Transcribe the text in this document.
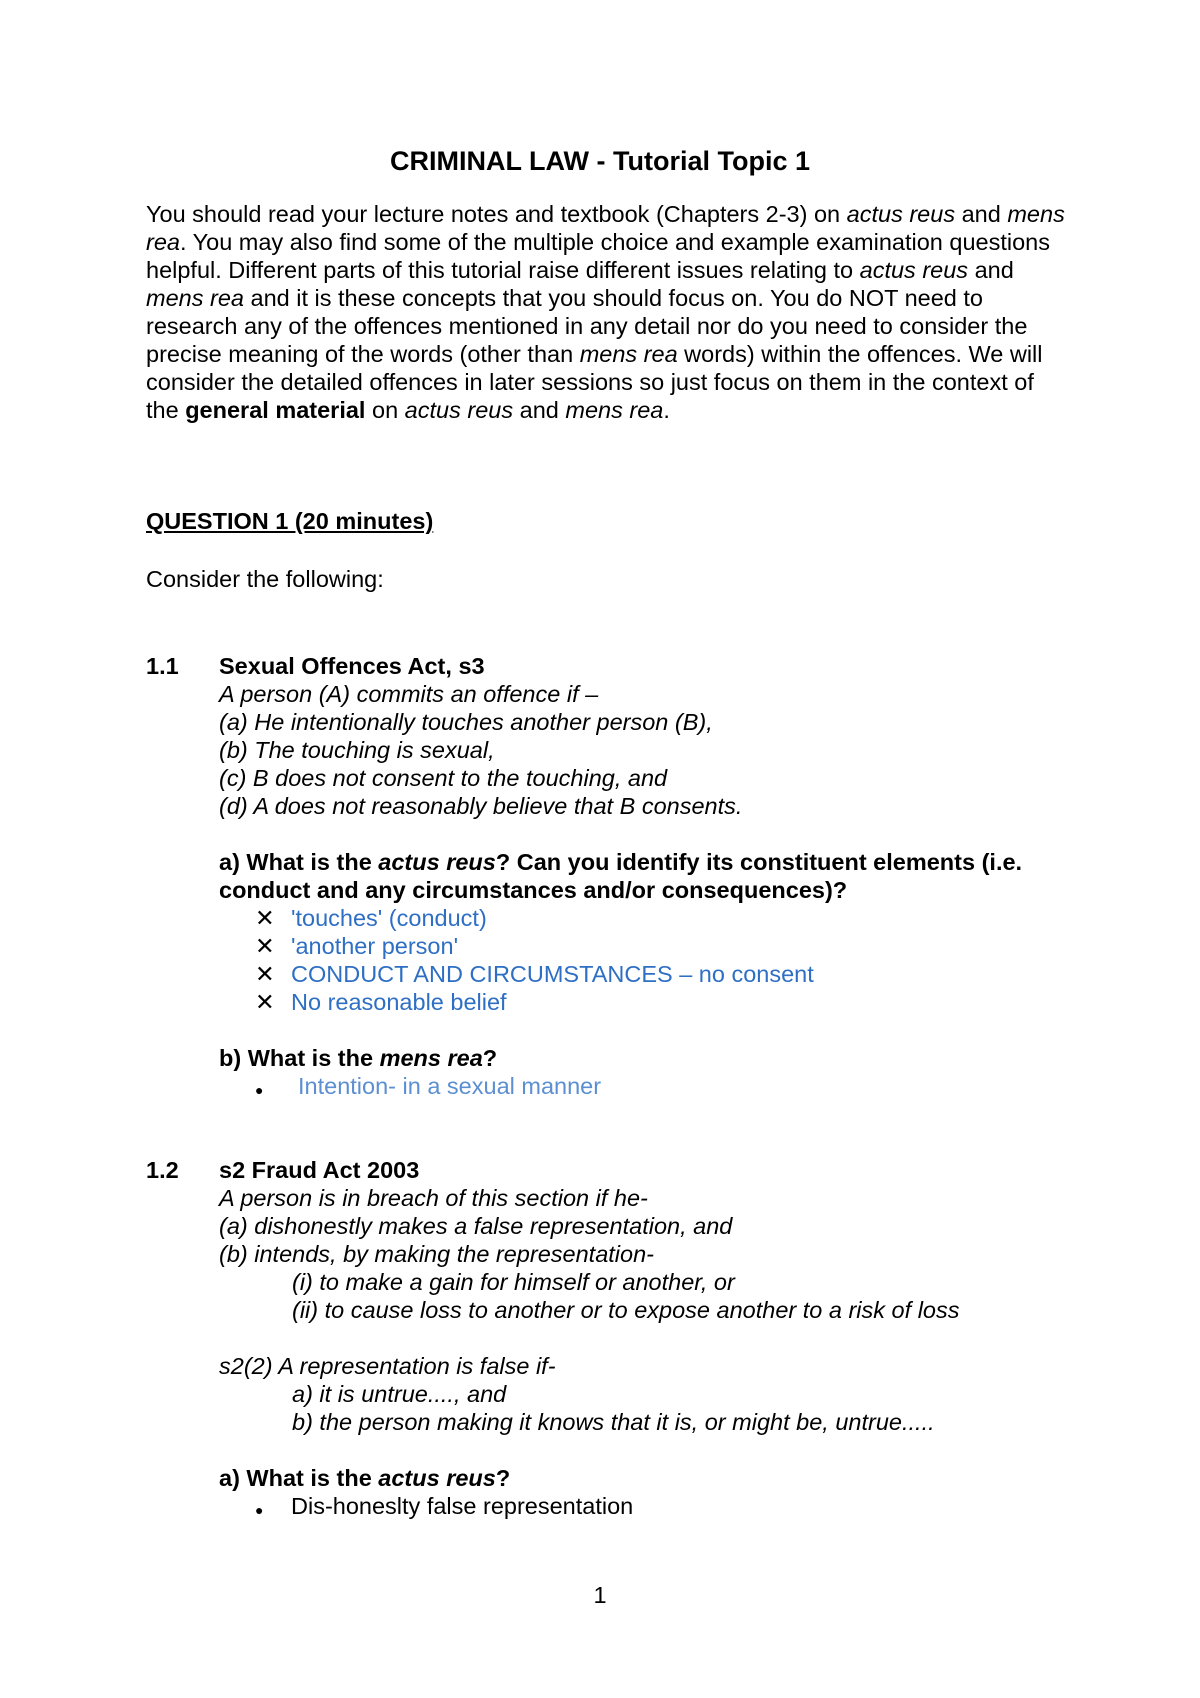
CRIMINAL LAW - Tutorial Topic 1

You should read your lecture notes and textbook (Chapters 2-3) on actus reus and mens rea. You may also find some of the multiple choice and example examination questions helpful. Different parts of this tutorial raise different issues relating to actus reus and mens rea and it is these concepts that you should focus on. You do NOT need to research any of the offences mentioned in any detail nor do you need to consider the precise meaning of the words (other than mens rea words) within the offences. We will consider the detailed offences in later sessions so just focus on them in the context of the general material on actus reus and mens rea.

QUESTION 1 (20 minutes)
Consider the following:
1.1 Sexual Offences Act, s3
A person (A) commits an offence if –
(a) He intentionally touches another person (B),
(b) The touching is sexual,
(c) B does not consent to the touching, and
(d) A does not reasonably believe that B consents.
a) What is the actus reus? Can you identify its constituent elements (i.e. conduct and any circumstances and/or consequences)?
✕ 'touches' (conduct)
✕ 'another person'
✕ CONDUCT AND CIRCUMSTANCES – no consent
✕ No reasonable belief
b) What is the mens rea?
● Intention- in a sexual manner
1.2 s2 Fraud Act 2003
A person is in breach of this section if he-
(a) dishonestly makes a false representation, and
(b) intends, by making the representation-
(i) to make a gain for himself or another, or
(ii) to cause loss to another or to expose another to a risk of loss
s2(2) A representation is false if-
a) it is untrue...., and
b) the person making it knows that it is, or might be, untrue.....
a) What is the actus reus?
● Dis-honeslty false representation
1
